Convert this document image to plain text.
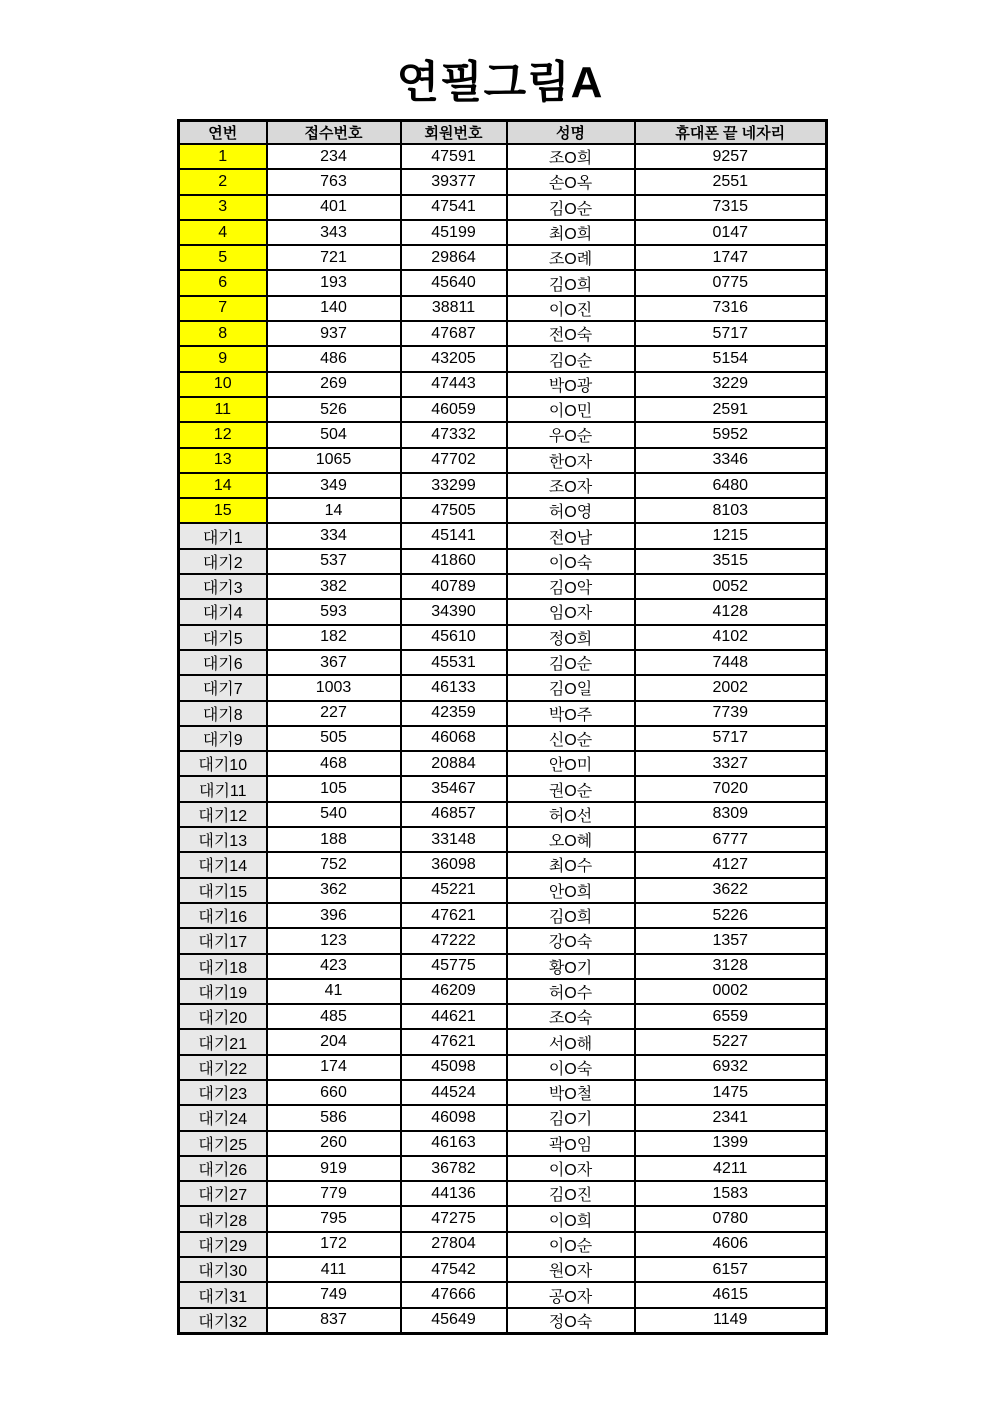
연필그림A
연번	접수번호	회원번호	성명	휴대폰 끝 네자리
1	234	47591	조O희	9257
2	763	39377	손O옥	2551
3	401	47541	김O순	7315
4	343	45199	최O희	0147
5	721	29864	조O례	1747
6	193	45640	김O희	0775
7	140	38811	이O진	7316
8	937	47687	전O숙	5717
9	486	43205	김O순	5154
10	269	47443	박O광	3229
11	526	46059	이O민	2591
12	504	47332	우O순	5952
13	1065	47702	한O자	3346
14	349	33299	조O자	6480
15	14	47505	허O영	8103
대기1	334	45141	전O남	1215
대기2	537	41860	이O숙	3515
대기3	382	40789	김O악	0052
대기4	593	34390	임O자	4128
대기5	182	45610	정O희	4102
대기6	367	45531	김O순	7448
대기7	1003	46133	김O일	2002
대기8	227	42359	박O주	7739
대기9	505	46068	신O순	5717
대기10	468	20884	안O미	3327
대기11	105	35467	권O순	7020
대기12	540	46857	허O선	8309
대기13	188	33148	오O혜	6777
대기14	752	36098	최O수	4127
대기15	362	45221	안O희	3622
대기16	396	47621	김O희	5226
대기17	123	47222	강O숙	1357
대기18	423	45775	황O기	3128
대기19	41	46209	허O수	0002
대기20	485	44621	조O숙	6559
대기21	204	47621	서O해	5227
대기22	174	45098	이O숙	6932
대기23	660	44524	박O철	1475
대기24	586	46098	김O기	2341
대기25	260	46163	곽O임	1399
대기26	919	36782	이O자	4211
대기27	779	44136	김O진	1583
대기28	795	47275	이O희	0780
대기29	172	27804	이O순	4606
대기30	411	47542	원O자	6157
대기31	749	47666	공O자	4615
대기32	837	45649	정O숙	1149
